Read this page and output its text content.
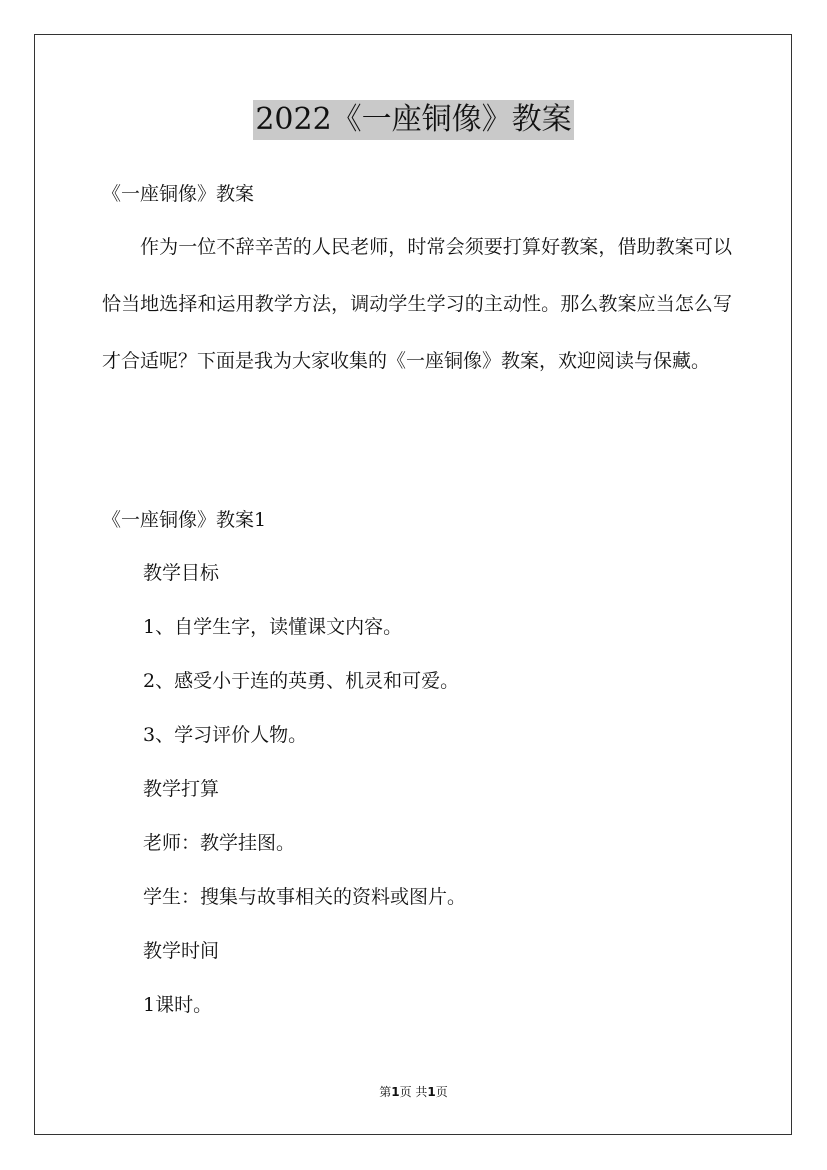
2022《一座铜像》教案
《一座铜像》教案

作为一位不辞辛苦的人民老师，时常会须要打算好教案，借助教案可以恰当地选择和运用教学方法，调动学生学习的主动性。那么教案应当怎么写才合适呢？下面是我为大家收集的《一座铜像》教案，欢迎阅读与保藏。

《一座铜像》教案1
教学目标
1、自学生字，读懂课文内容。
2、感受小于连的英勇、机灵和可爱。
3、学习评价人物。
教学打算
老师：教学挂图。
学生：搜集与故事相关的资料或图片。
教学时间
1课时。
第1页 共1页
